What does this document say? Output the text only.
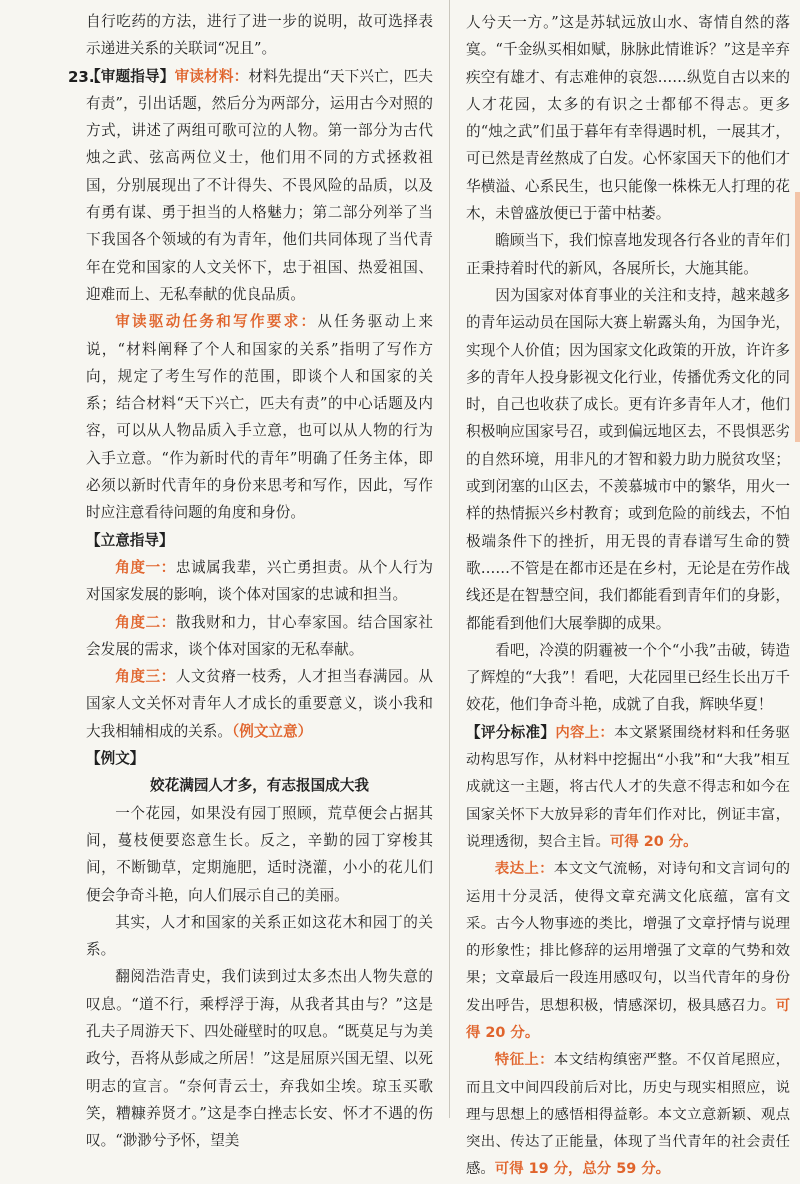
23.

自行吃药的方法，进行了进一步的说明，故可选择表示递进关系的关联词“况且”。

【审题指导】审读材料：材料先提出“天下兴亡，匹夫有责”，引出话题，然后分为两部分，运用古今对照的方式，讲述了两组可歌可泣的人物。第一部分为古代烛之武、弦高两位义士，他们用不同的方式拯救祖国，分别展现出了不计得失、不畏风险的品质，以及有勇有谋、勇于担当的人格魅力；第二部分列举了当下我国各个领域的有为青年，他们共同体现了当代青年在党和国家的人文关怀下，忠于祖国、热爱祖国、迎难而上、无私奉献的优良品质。

审读驱动任务和写作要求：从任务驱动上来说，“材料阐释了个人和国家的关系”指明了写作方向，规定了考生写作的范围，即谈个人和国家的关系；结合材料“天下兴亡，匹夫有责”的中心话题及内容，可以从人物品质入手立意，也可以从人物的行为入手立意。“作为新时代的青年”明确了任务主体，即必须以新时代青年的身份来思考和写作，因此，写作时应注意看待问题的角度和身份。

【立意指导】

角度一：忠诚属我辈，兴亡勇担责。从个人行为对国家发展的影响，谈个体对国家的忠诚和担当。

角度二：散我财和力，甘心奉家国。结合国家社会发展的需求，谈个体对国家的无私奉献。

角度三：人文贫瘠一枝秀，人才担当春满园。从国家人文关怀对青年人才成长的重要意义，谈小我和大我相辅相成的关系。（例文立意）

【例文】

姣花满园人才多，有志报国成大我

一个花园，如果没有园丁照顾，荒草便会占据其间，蔓枝便要恣意生长。反之，辛勤的园丁穿梭其间，不断锄草，定期施肥，适时浇灌，小小的花儿们便会争奇斗艳，向人们展示自己的美丽。

其实，人才和国家的关系正如这花木和园丁的关系。

翻阅浩浩青史，我们读到过太多杰出人物失意的叹息。“道不行，乘桴浮于海，从我者其由与？”这是孔夫子周游天下、四处碰壁时的叹息。“既莫足与为美政兮，吾将从彭咸之所居！”这是屈原兴国无望、以死明志的宣言。“奈何青云士，弃我如尘埃。琼玉买歌笑，糟糠养贤才。”这是李白挫志长安、怀才不遇的伤叹。“渺渺兮予怀，望美

人兮天一方。”这是苏轼远放山水、寄情自然的落寞。“千金纵买相如赋，脉脉此情谁诉？”这是辛弃疾空有雄才、有志难伸的哀怨……纵览自古以来的人才花园，太多的有识之士都郁不得志。更多的“烛之武”们虽于暮年有幸得遇时机，一展其才，可已然是青丝熬成了白发。心怀家国天下的他们才华横溢、心系民生，也只能像一株株无人打理的花木，未曾盛放便已于蕾中枯萎。

瞻顾当下，我们惊喜地发现各行各业的青年们正秉持着时代的新风，各展所长，大施其能。

因为国家对体育事业的关注和支持，越来越多的青年运动员在国际大赛上崭露头角，为国争光，实现个人价值；因为国家文化政策的开放，许许多多的青年人投身影视文化行业，传播优秀文化的同时，自己也收获了成长。更有许多青年人才，他们积极响应国家号召，或到偏远地区去，不畏惧恶劣的自然环境，用非凡的才智和毅力助力脱贫攻坚；或到闭塞的山区去，不羡慕城市中的繁华，用火一样的热情振兴乡村教育；或到危险的前线去，不怕极端条件下的挫折，用无畏的青春谱写生命的赞歌……不管是在都市还是在乡村，无论是在劳作战线还是在智慧空间，我们都能看到青年们的身影，都能看到他们大展拳脚的成果。

看吧，冷漠的阴霾被一个个“小我”击破，铸造了辉煌的“大我”！看吧，大花园里已经生长出万千姣花，他们争奇斗艳，成就了自我，辉映华夏！

【评分标准】内容上：本文紧紧围绕材料和任务驱动构思写作，从材料中挖掘出“小我”和“大我”相互成就这一主题，将古代人才的失意不得志和如今在国家关怀下大放异彩的青年们作对比，例证丰富，说理透彻，契合主旨。可得 20 分。

表达上：本文文气流畅，对诗句和文言词句的运用十分灵活，使得文章充满文化底蕴，富有文采。古今人物事迹的类比，增强了文章抒情与说理的形象性；排比修辞的运用增强了文章的气势和效果；文章最后一段连用感叹句，以当代青年的身份发出呼告，思想积极，情感深切，极具感召力。可得 20 分。

特征上：本文结构缜密严整。不仅首尾照应，而且文中间四段前后对比，历史与现实相照应，说理与思想上的感悟相得益彰。本文立意新颖、观点突出、传达了正能量，体现了当代青年的社会责任感。可得 19 分，总分 59 分。
